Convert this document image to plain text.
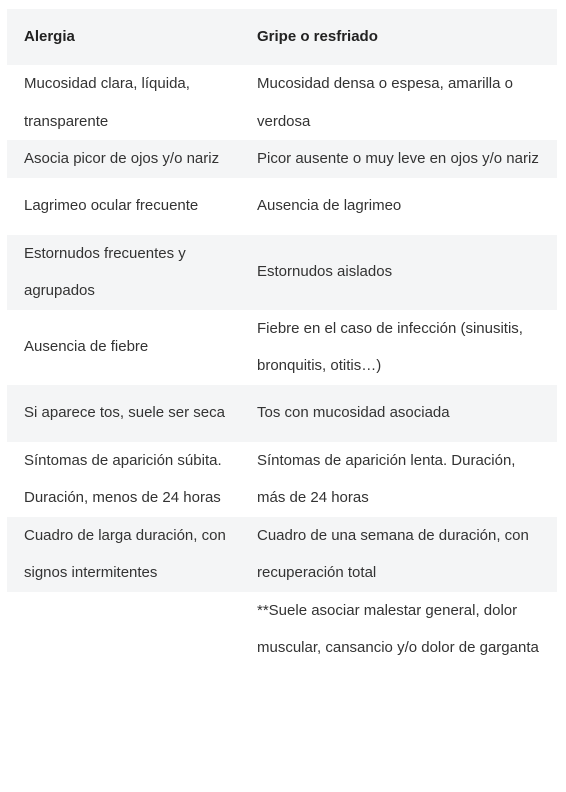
Alergia	Gripe o resfriado
Mucosidad clara, líquida, transparente	Mucosidad densa o espesa, amarilla o verdosa
Asocia picor de ojos y/o nariz	Picor ausente o muy leve en ojos y/o nariz
Lagrimeo ocular frecuente	Ausencia de lagrimeo
Estornudos frecuentes y agrupados	Estornudos aislados
Ausencia de fiebre	Fiebre en el caso de infección (sinusitis, bronquitis, otitis…)
Si aparece tos, suele ser seca	Tos con mucosidad asociada
Síntomas de aparición súbita. Duración, menos de 24 horas	Síntomas de aparición lenta. Duración, más de 24 horas
Cuadro de larga duración, con signos intermitentes	Cuadro de una semana de duración, con recuperación total
	**Suele asociar malestar general, dolor muscular, cansancio y/o dolor de garganta
